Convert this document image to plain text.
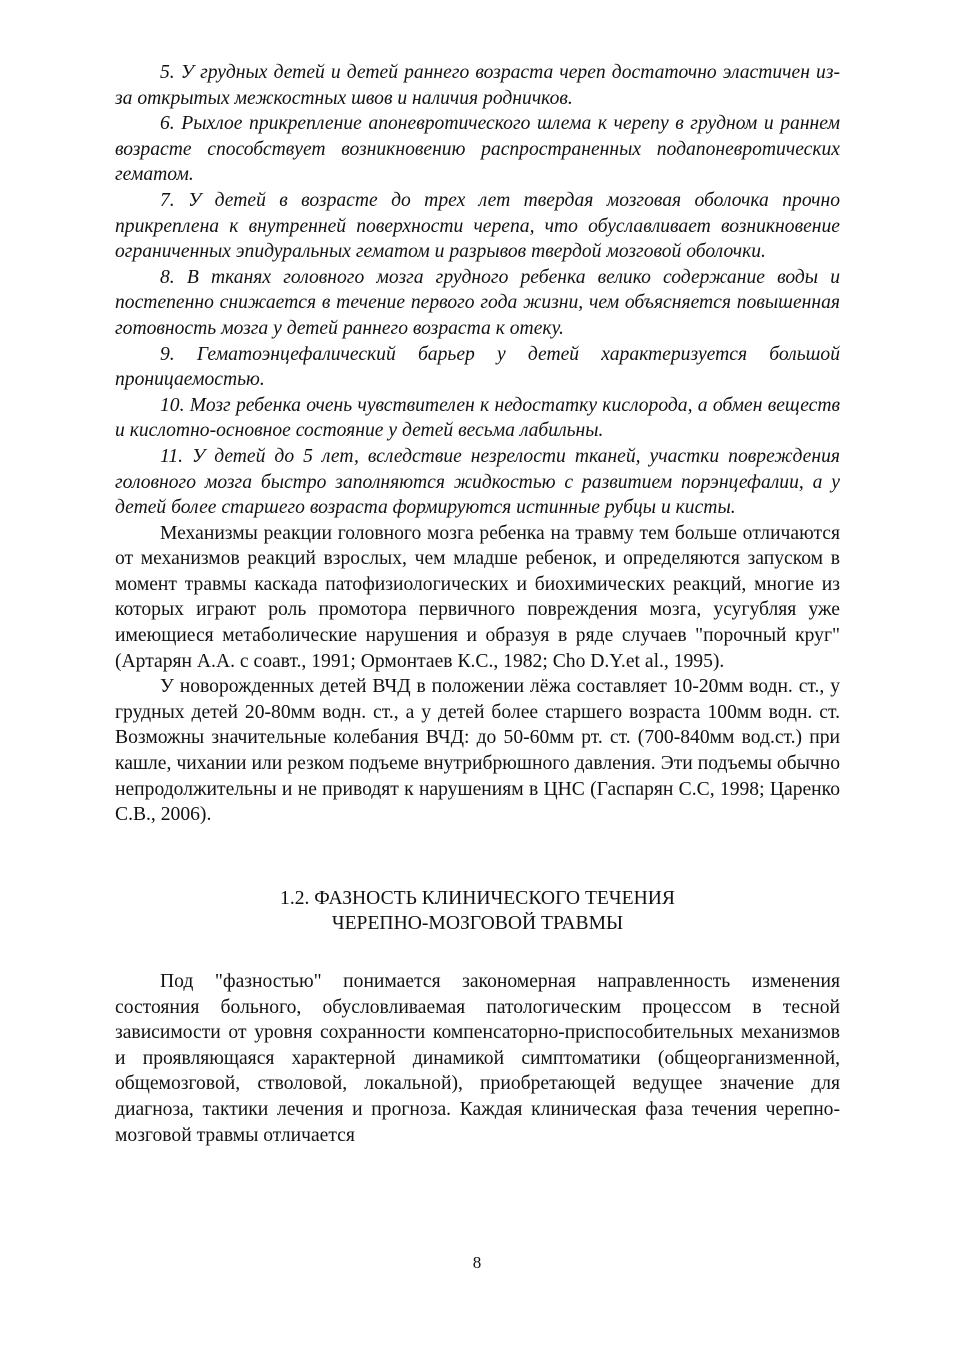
5. У грудных детей и детей раннего возраста череп достаточно эластичен из-за открытых межкостных швов и наличия родничков.

6. Рыхлое прикрепление апоневротического шлема к черепу в грудном и раннем возрасте способствует возникновению распространенных подапоневротических гематом.

7. У детей в возрасте до трех лет твердая мозговая оболочка прочно прикреплена к внутренней поверхности черепа, что обуславливает возникновение ограниченных эпидуральных гематом и разрывов твердой мозговой оболочки.

8. В тканях головного мозга грудного ребенка велико содержание воды и постепенно снижается в течение первого года жизни, чем объясняется повышенная готовность мозга у детей раннего возраста к отеку.

9. Гематоэнцефалический барьер у детей характеризуется большой проницаемостью.

10. Мозг ребенка очень чувствителен к недостатку кислорода, а обмен веществ и кислотно-основное состояние у детей весьма лабильны.

11. У детей до 5 лет, вследствие незрелости тканей, участки повреждения головного мозга быстро заполняются жидкостью с развитием порэнцефалии, а у детей более старшего возраста формируются истинные рубцы и кисты.

Механизмы реакции головного мозга ребенка на травму тем больше отличаются от механизмов реакций взрослых, чем младше ребенок, и определяются запуском в момент травмы каскада патофизиологических и биохимических реакций, многие из которых играют роль промотора первичного повреждения мозга, усугубляя уже имеющиеся метаболические нарушения и образуя в ряде случаев "порочный круг" (Артарян А.А. с соавт., 1991; Ормонтаев К.С., 1982; Cho D.Y.et al., 1995).

У новорожденных детей ВЧД в положении лёжа составляет 10-20мм водн. ст., у грудных детей 20-80мм водн. ст., а у детей более старшего возраста 100мм водн. ст. Возможны значительные колебания ВЧД: до 50-60мм рт. ст. (700-840мм вод.ст.) при кашле, чихании или резком подъеме внутрибрюшного давления. Эти подъемы обычно непродолжительны и не приводят к нарушениям в ЦНС (Гаспарян С.С, 1998; Царенко С.В., 2006).

1.2. ФАЗНОСТЬ КЛИНИЧЕСКОГО ТЕЧЕНИЯ
ЧЕРЕПНО-МОЗГОВОЙ ТРАВМЫ

Под "фазностью" понимается закономерная направленность изменения состояния больного, обусловливаемая патологическим процессом в тесной зависимости от уровня сохранности компенсаторно-приспособительных механизмов и проявляющаяся характерной динамикой симптоматики (общеорганизменной, общемозговой, стволовой, локальной), приобретающей ведущее значение для диагноза, тактики лечения и прогноза. Каждая клиническая фаза течения черепно-мозговой травмы отличается

8
